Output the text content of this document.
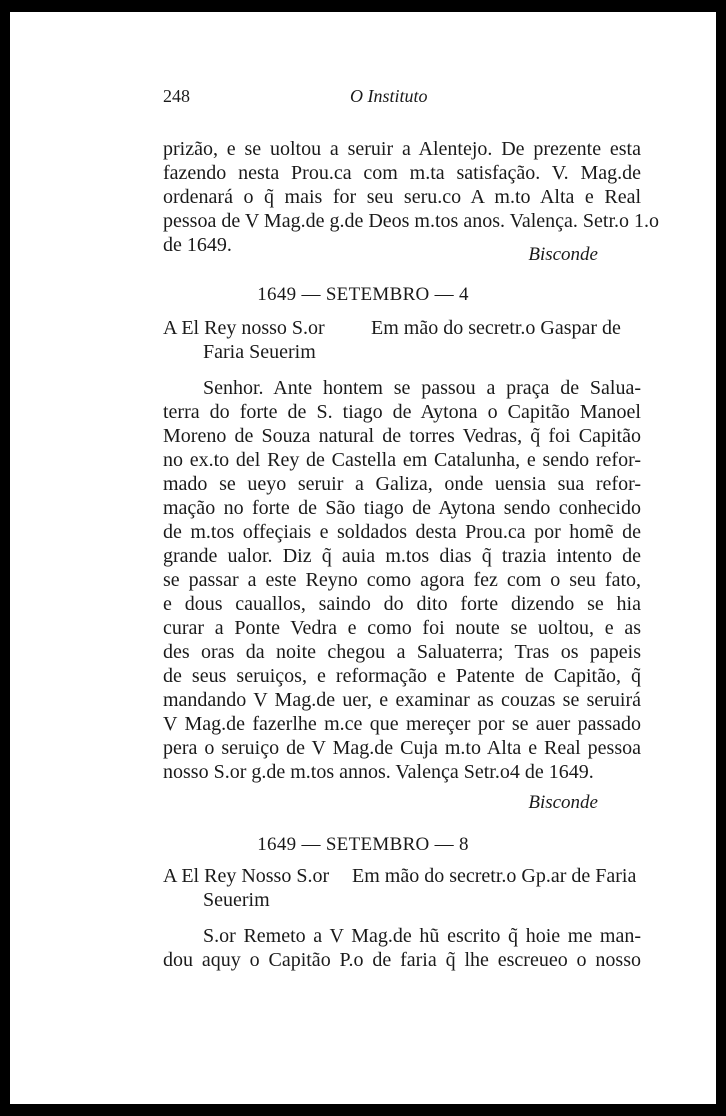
248	O Instituto
prizão, e se uoltou a seruir a Alentejo. De prezente esta
fazendo nesta Prou.ca com m.ta satisfação. V. Mag.de
ordenará o q̃ mais for seu seru.co A m.to Alta e Real
pessoa de V Mag.de g.de Deos m.tos anos. Valença. Setr.o 1.o
de 1649.	Bisconde
1649 — SETEMBRO — 4
A El Rey nosso S.or Em mão do secretr.o Gaspar de
Faria Seuerim
Senhor. Ante hontem se passou a praça de Salua-
terra do forte de S. tiago de Aytona o Capitão Manoel
Moreno de Souza natural de torres Vedras, q̃ foi Capitão
no ex.to del Rey de Castella em Catalunha, e sendo refor-
mado se ueyo seruir a Galiza, onde uensia sua refor-
mação no forte de São tiago de Aytona sendo conhecido
de m.tos offeçiais e soldados desta Prou.ca por homẽ de
grande ualor. Diz q̃ auia m.tos dias q̃ trazia intento de
se passar a este Reyno como agora fez com o seu fato,
e dous cauallos, saindo do dito forte dizendo se hia
curar a Ponte Vedra e como foi noute se uoltou, e as
des oras da noite chegou a Saluaterra; Tras os papeis
de seus seruiços, e reformação e Patente de Capitão, q̃
mandando V Mag.de uer, e examinar as couzas se seruirá
V Mag.de fazerlhe m.ce que mereçer por se auer passado
pera o seruiço de V Mag.de Cuja m.to Alta e Real pessoa
nosso S.or g.de m.tos annos. Valença Setr.o4 de 1649.
Bisconde
1649 — SETEMBRO — 8
A El Rey Nosso S.or Em mão do secretr.o Gp.ar de Faria
Seuerim
S.or Remeto a V Mag.de hũ escrito q̃ hoie me man-
dou aquy o Capitão P.o de faria q̃ lhe escreueo o nosso
